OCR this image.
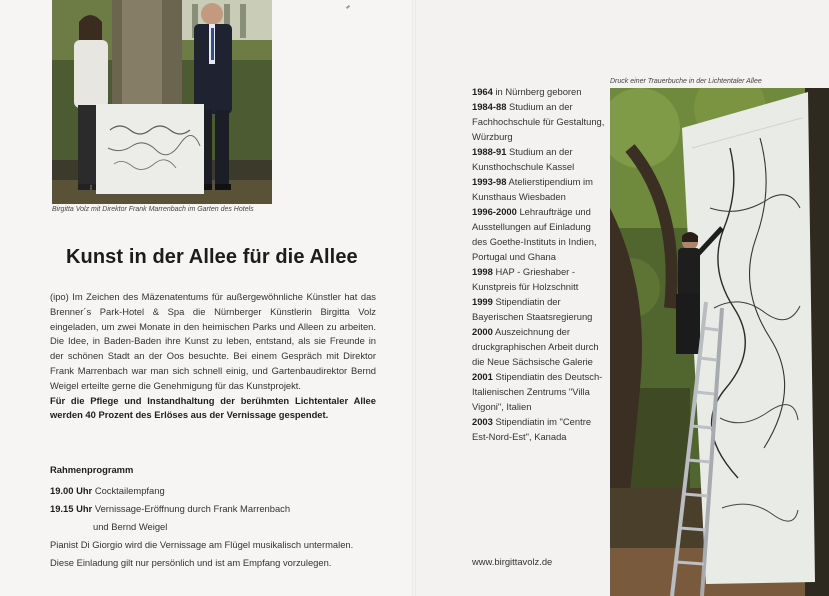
Birgitta Volz mit Direktor Frank Marrenbach im Garten des Hotels
Kunst in der Allee für die Allee

(ipo) Im Zeichen des Mäzenatentums für außergewöhnliche Künstler hat das Brenner´s Park-Hotel & Spa die Nürnberger Künstlerin Birgitta Volz eingeladen, um zwei Monate in den heimischen Parks und Alleen zu arbeiten. Die Idee, in Baden-Baden ihre Kunst zu leben, entstand, als sie Freunde in der schönen Stadt an der Oos besuchte. Bei einem Gespräch mit Direktor Frank Marrenbach war man sich schnell einig, und Gartenbaudirektor Bernd Weigel erteilte gerne die Genehmigung für das Kunstprojekt.

Für die Pflege und Instandhaltung der berühmten Lichtentaler Allee werden 40 Prozent des Erlöses aus der Vernissage gespendet.

Rahmenprogramm
19.00 Uhr Cocktailempfang
19.15 Uhr Vernissage-Eröffnung durch Frank Marrenbach
und Bernd Weigel
Pianist Di Giorgio wird die Vernissage am Flügel musikalisch untermalen.
Diese Einladung gilt nur persönlich und ist am Empfang vorzulegen.

1964 in Nürnberg geboren

1984-88 Studium an der Fachhochschule für Gestaltung, Würzburg

1988-91 Studium an der Kunsthochschule Kassel

1993-98 Atelierstipendium im Kunsthaus Wiesbaden

1996-2000 Lehraufträge und Ausstellungen auf Einladung des Goethe-Instituts in Indien, Portugal und Ghana

1998 HAP - Grieshaber - Kunstpreis für Holzschnitt

1999 Stipendiatin der Bayerischen Staatsregierung

2000 Auszeichnung der druckgraphischen Arbeit durch die Neue Sächsische Galerie

2001 Stipendiatin des Deutsch-Italienischen Zentrums "Villa Vigoni", Italien

2003 Stipendiatin im "Centre Est-Nord-Est", Kanada

www.birgittavolz.de
Druck einer Trauerbuche in der Lichtentaler Allee
